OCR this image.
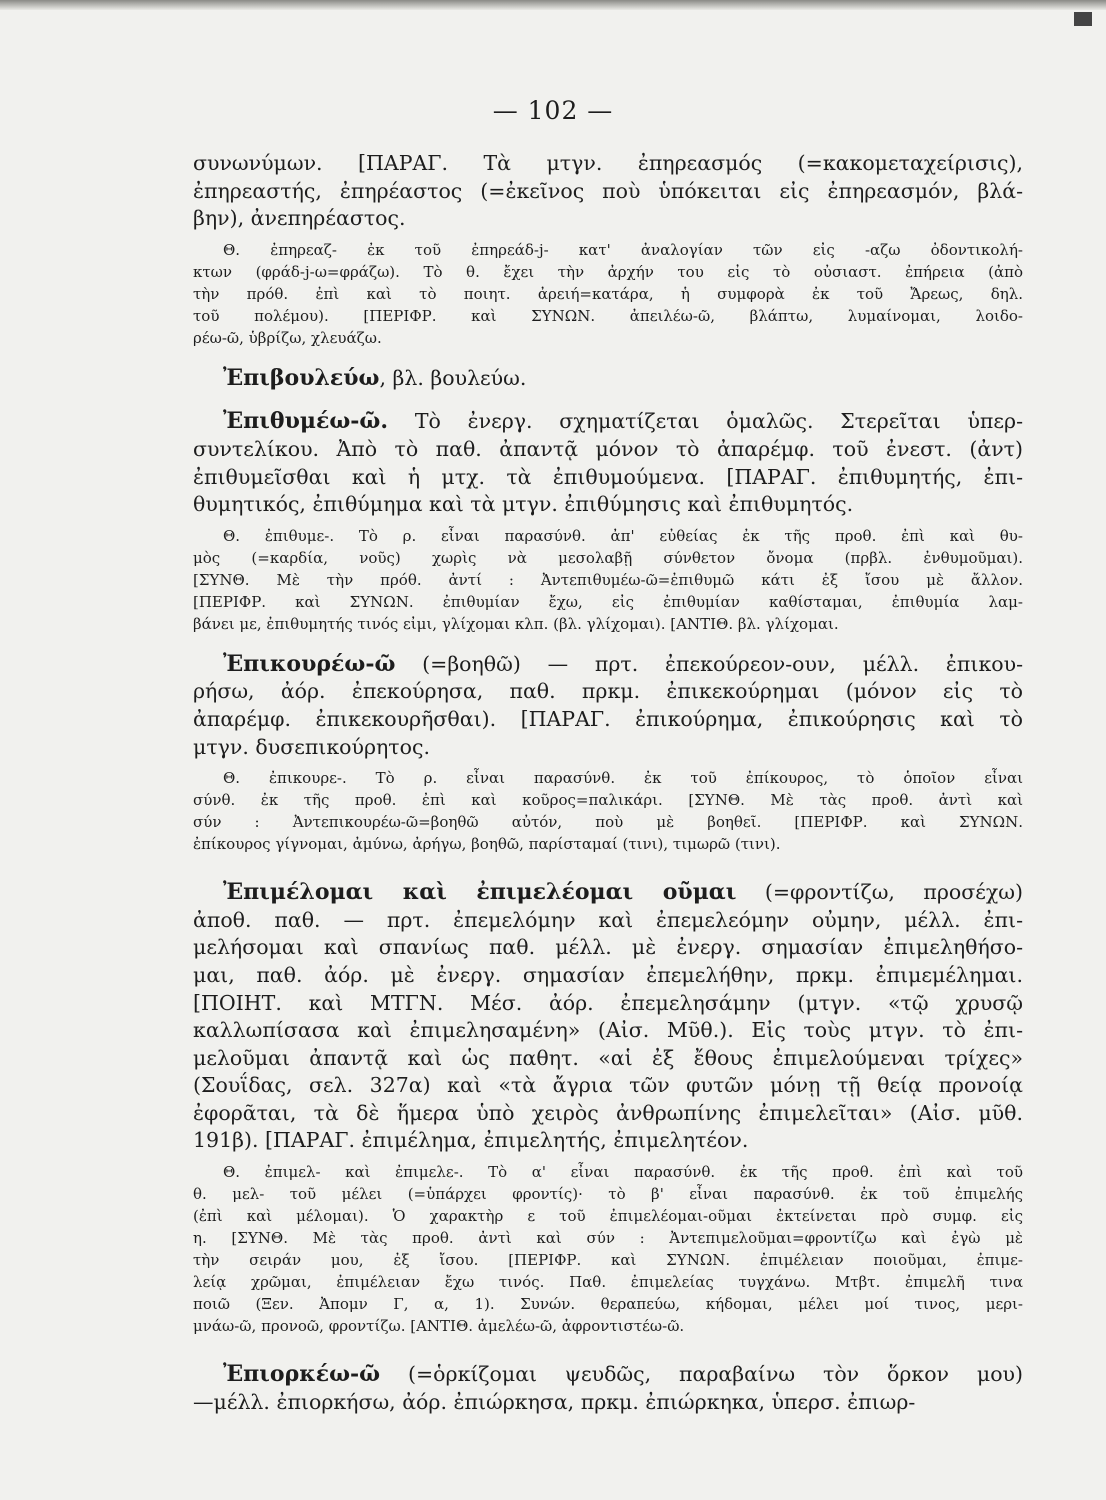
— 102 —
συνωνύμων. [ΠΑΡΑΓ. Τὰ μτγν. ἐπηρεασμός (=κακομεταχείρισις),
ἐπηρεαστής, ἐπηρέαστος (=ἐκεῖνος ποὺ ὑπόκειται εἰς ἐπηρεασμόν, βλά-
βην), ἀνεπηρέαστος.
Θ. ἐπηρεαζ- ἐκ τοῦ ἐπηρεάδ-j- κατ' ἀναλογίαν τῶν εἰς -αζω ὀδοντικολή-
κτων (φράδ-j-ω=φράζω). Τὸ θ. ἔχει τὴν ἀρχήν του εἰς τὸ οὐσιαστ. ἐπήρεια (ἀπὸ
τὴν πρόθ. ἐπὶ καὶ τὸ ποιητ. ἀρειή=κατάρα, ἡ συμφορὰ ἐκ τοῦ Ἄρεως, δηλ.
τοῦ πολέμου). [ΠΕΡΙΦΡ. καὶ ΣΥΝΩΝ. ἀπειλέω-ῶ, βλάπτω, λυμαίνομαι, λοιδο-
ρέω-ῶ, ὑβρίζω, χλευάζω.
Ἐπιβουλεύω, βλ. βουλεύω.
Ἐπιθυμέω-ῶ. Τὸ ἐνεργ. σχηματίζεται ὁμαλῶς. Στερεῖται ὑπερ-
συντελίκου. Ἀπὸ τὸ παθ. ἀπαντᾷ μόνον τὸ ἀπαρέμφ. τοῦ ἐνεστ. (ἀντ)
ἐπιθυμεῖσθαι καὶ ἡ μτχ. τὰ ἐπιθυμούμενα. [ΠΑΡΑΓ. ἐπιθυμητής, ἐπι-
θυμητικός, ἐπιθύμημα καὶ τὰ μτγν. ἐπιθύμησις καὶ ἐπιθυμητός.
Θ. ἐπιθυμε-. Τὸ ρ. εἶναι παρασύνθ. ἀπ' εὐθείας ἐκ τῆς προθ. ἐπὶ καὶ θυ-
μὸς (=καρδία, νοῦς) χωρὶς νὰ μεσολαβῇ σύνθετον ὄνομα (πρβλ. ἐνθυμοῦμαι).
[ΣΥΝΘ. Μὲ τὴν πρόθ. ἀντί : Ἀντεπιθυμέω-ῶ=ἐπιθυμῶ κάτι ἐξ ἴσου μὲ ἄλλον.
[ΠΕΡΙΦΡ. καὶ ΣΥΝΩΝ. ἐπιθυμίαν ἔχω, εἰς ἐπιθυμίαν καθίσταμαι, ἐπιθυμία λαμ-
βάνει με, ἐπιθυμητής τινός εἰμι, γλίχομαι κλπ. (βλ. γλίχομαι). [ΑΝΤΙΘ. βλ. γλίχομαι.
Ἐπικουρέω-ῶ (=βοηθῶ) — πρτ. ἐπεκούρεον-ουν, μέλλ. ἐπικου-
ρήσω, ἀόρ. ἐπεκούρησα, παθ. πρκμ. ἐπικεκούρημαι (μόνον εἰς τὸ
ἀπαρέμφ. ἐπικεκουρῆσθαι). [ΠΑΡΑΓ. ἐπικούρημα, ἐπικούρησις καὶ τὸ
μτγν. δυσεπικούρητος.
Θ. ἐπικουρε-. Τὸ ρ. εἶναι παρασύνθ. ἐκ τοῦ ἐπίκουρος, τὸ ὁποῖον εἶναι
σύνθ. ἐκ τῆς προθ. ἐπὶ καὶ κοῦρος=παλικάρι. [ΣΥΝΘ. Μὲ τὰς προθ. ἀντὶ καὶ
σύν : Ἀντεπικουρέω-ῶ=βοηθῶ αὐτόν, ποὺ μὲ βοηθεῖ. [ΠΕΡΙΦΡ. καὶ ΣΥΝΩΝ.
ἐπίκουρος γίγνομαι, ἀμύνω, ἀρήγω, βοηθῶ, παρίσταμαί (τινι), τιμωρῶ (τινι).
Ἐπιμέλομαι καὶ ἐπιμελέομαι οῦμαι (=φροντίζω, προσέχω)
ἀποθ. παθ. — πρτ. ἐπεμελόμην καὶ ἐπεμελεόμην οὐμην, μέλλ. ἐπι-
μελήσομαι καὶ σπανίως παθ. μέλλ. μὲ ἐνεργ. σημασίαν ἐπιμεληθήσο-
μαι, παθ. ἀόρ. μὲ ἐνεργ. σημασίαν ἐπεμελήθην, πρκμ. ἐπιμεμέλημαι.
[ΠΟΙΗΤ. καὶ ΜΤΓΝ. Μέσ. ἀόρ. ἐπεμελησάμην (μτγν. «τῷ χρυσῷ
καλλωπίσασα καὶ ἐπιμελησαμένη» (Αἰσ. Μῦθ.). Εἰς τοὺς μτγν. τὸ ἐπι-
μελοῦμαι ἀπαντᾷ καὶ ὡς παθητ. «αἱ ἐξ ἔθους ἐπιμελούμεναι τρίχες»
(Σουΐδας, σελ. 327α) καὶ «τὰ ἄγρια τῶν φυτῶν μόνῃ τῇ θείᾳ προνοίᾳ
ἐφορᾶται, τὰ δὲ ἥμερα ὑπὸ χειρὸς ἀνθρωπίνης ἐπιμελεῖται» (Αἰσ. μῦθ.
191β). [ΠΑΡΑΓ. ἐπιμέλημα, ἐπιμελητής, ἐπιμελητέον.
Θ. ἐπιμελ- καὶ ἐπιμελε-. Τὸ α' εἶναι παρασύνθ. ἐκ τῆς προθ. ἐπὶ καὶ τοῦ
θ. μελ- τοῦ μέλει (=ὑπάρχει φροντίς)· τὸ β' εἶναι παρασύνθ. ἐκ τοῦ ἐπιμελής
(ἐπὶ καὶ μέλομαι). Ὁ χαρακτὴρ ε τοῦ ἐπιμελέομαι-οῦμαι ἐκτείνεται πρὸ συμφ. εἰς
η. [ΣΥΝΘ. Μὲ τὰς προθ. ἀντὶ καὶ σύν : Ἀντεπιμελοῦμαι=φροντίζω καὶ ἐγὼ μὲ
τὴν σειράν μου, ἐξ ἴσου. [ΠΕΡΙΦΡ. καὶ ΣΥΝΩΝ. ἐπιμέλειαν ποιοῦμαι, ἐπιμε-
λείᾳ χρῶμαι, ἐπιμέλειαν ἔχω τινός. Παθ. ἐπιμελείας τυγχάνω. Μτβτ. ἐπιμελῆ τινα
ποιῶ (Ξεν. Ἀπομν Γ, α, 1). Συνών. θεραπεύω, κήδομαι, μέλει μοί τινος, μερι-
μνάω-ῶ, προνοῶ, φροντίζω. [ΑΝΤΙΘ. ἀμελέω-ῶ, ἀφροντιστέω-ῶ.
Ἐπιορκέω-ῶ (=ὁρκίζομαι ψευδῶς, παραβαίνω τὸν ὅρκον μου)
—μέλλ. ἐπιορκήσω, ἀόρ. ἐπιώρκησα, πρκμ. ἐπιώρκηκα, ὑπερσ. ἐπιωρ-
